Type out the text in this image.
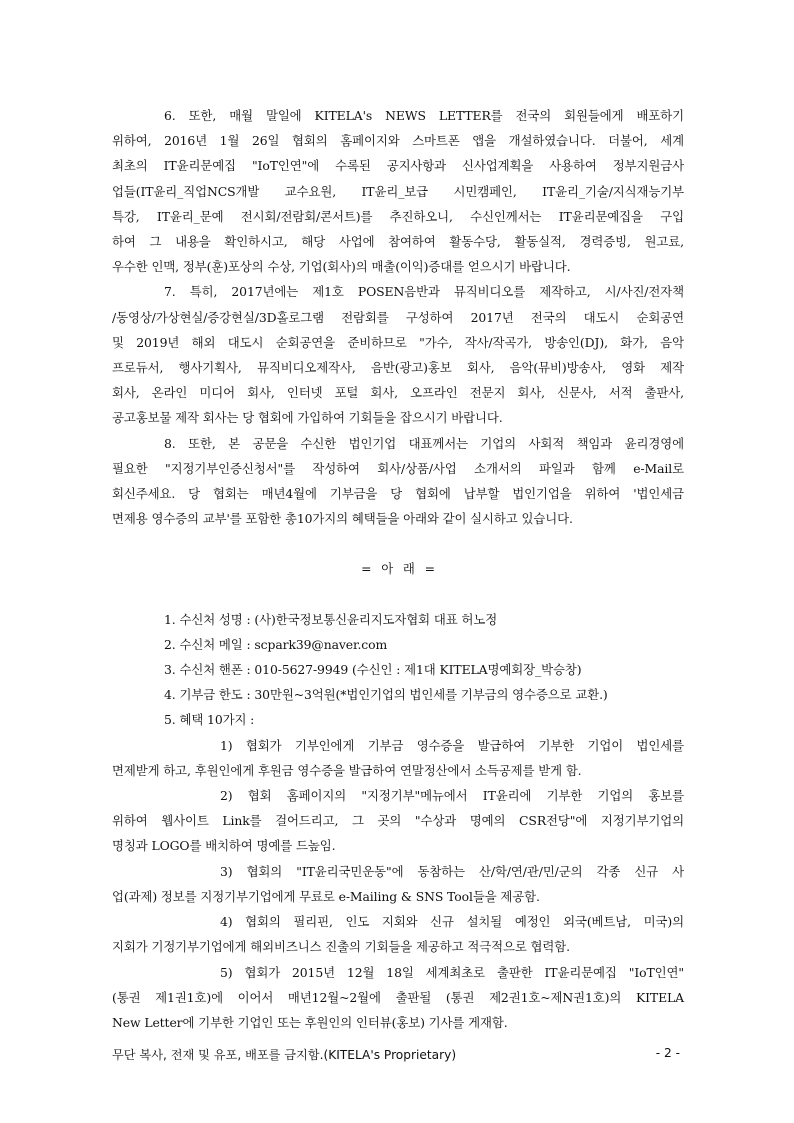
6. 또한, 매월 말일에 KITELA's NEWS LETTER를 전국의 회원들에게 배포하기
위하여, 2016년 1월 26일 협회의 홈페이지와 스마트폰 앱을 개설하였습니다. 더불어, 세계
최초의 IT윤리문예집 "IoT인연"에 수록된 공지사항과 신사업계획을 사용하여 정부지원금사
업들(IT윤리_직업NCS개발 교수요원, IT윤리_보급 시민캠페인, IT윤리_기술/지식재능기부
특강, IT윤리_문예 전시회/전람회/콘서트)를 추진하오니, 수신인께서는 IT윤리문예집을 구입
하여 그 내용을 확인하시고, 해당 사업에 참여하여 활동수당, 활동실적, 경력증빙, 원고료,
우수한 인맥, 정부(훈)포상의 수상, 기업(회사)의 매출(이익)증대를 얻으시기 바랍니다.

7. 특히, 2017년에는 제1호 POSEN음반과 뮤직비디오를 제작하고, 시/사진/전자책
/동영상/가상현실/증강현실/3D홀로그램 전람회를 구성하여 2017년 전국의 대도시 순회공연
및 2019년 해외 대도시 순회공연을 준비하므로 "가수, 작사/작곡가, 방송인(DJ), 화가, 음악
프로듀서, 행사기획사, 뮤직비디오제작사, 음반(광고)홍보 회사, 음악(뮤비)방송사, 영화 제작
회사, 온라인 미디어 회사, 인터넷 포털 회사, 오프라인 전문지 회사, 신문사, 서적 출판사,
공고홍보물 제작 회사는 당 협회에 가입하여 기회들을 잡으시기 바랍니다.

8. 또한, 본 공문을 수신한 법인기업 대표께서는 기업의 사회적 책임과 윤리경영에
필요한 "지정기부인증신청서"를 작성하여 회사/상품/사업 소개서의 파일과 함께 e-Mail로
회신주세요. 당 협회는 매년4월에 기부금을 당 협회에 납부할 법인기업을 위하여 '법인세금
면제용 영수증의 교부'를 포함한 총10가지의 혜택들을 아래와 같이 실시하고 있습니다.

= 아 래 =

1. 수신처 성명 : (사)한국정보통신윤리지도자협회 대표 허노정
2. 수신처 메일 : scpark39@naver.com
3. 수신처 핸폰 : 010-5627-9949 (수신인 : 제1대 KITELA명예회장_박승창)
4. 기부금 한도 : 30만원~3억원(*법인기업의 법인세를 기부금의 영수증으로 교환.)
5. 혜택 10가지 :

1) 협회가 기부인에게 기부금 영수증을 발급하여 기부한 기업이 법인세를
면제받게 하고, 후원인에게 후원금 영수증을 발급하여 연말정산에서 소득공제를 받게 함.

2) 협회 홈페이지의 "지정기부"메뉴에서 IT윤리에 기부한 기업의 홍보를
위하여 웹사이트 Link를 걸어드리고, 그 곳의 "수상과 명예의 CSR전당"에 지정기부기업의
명칭과 LOGO를 배치하여 명예를 드높임.

3) 협회의 "IT윤리국민운동"에 동참하는 산/학/연/관/민/군의 각종 신규 사
업(과제) 정보를 지정기부기업에게 무료로 e-Mailing & SNS Tool들을 제공함.

4) 협회의 필리핀, 인도 지회와 신규 설치될 예정인 외국(베트남, 미국)의
지회가 기정기부기업에게 해외비즈니스 진출의 기회들을 제공하고 적극적으로 협력함.

5) 협회가 2015년 12월 18일 세계최초로 출판한 IT윤리문예집 "IoT인연"
(통권 제1권1호)에 이어서 매년12월~2월에 출판될 (통권 제2권1호~제N권1호)의 KITELA
New Letter에 기부한 기업인 또는 후원인의 인터뷰(홍보) 기사를 게재함.

무단 복사, 전재 및 유포, 배포를 금지함.(KITELA's Proprietary)	- 2 -
